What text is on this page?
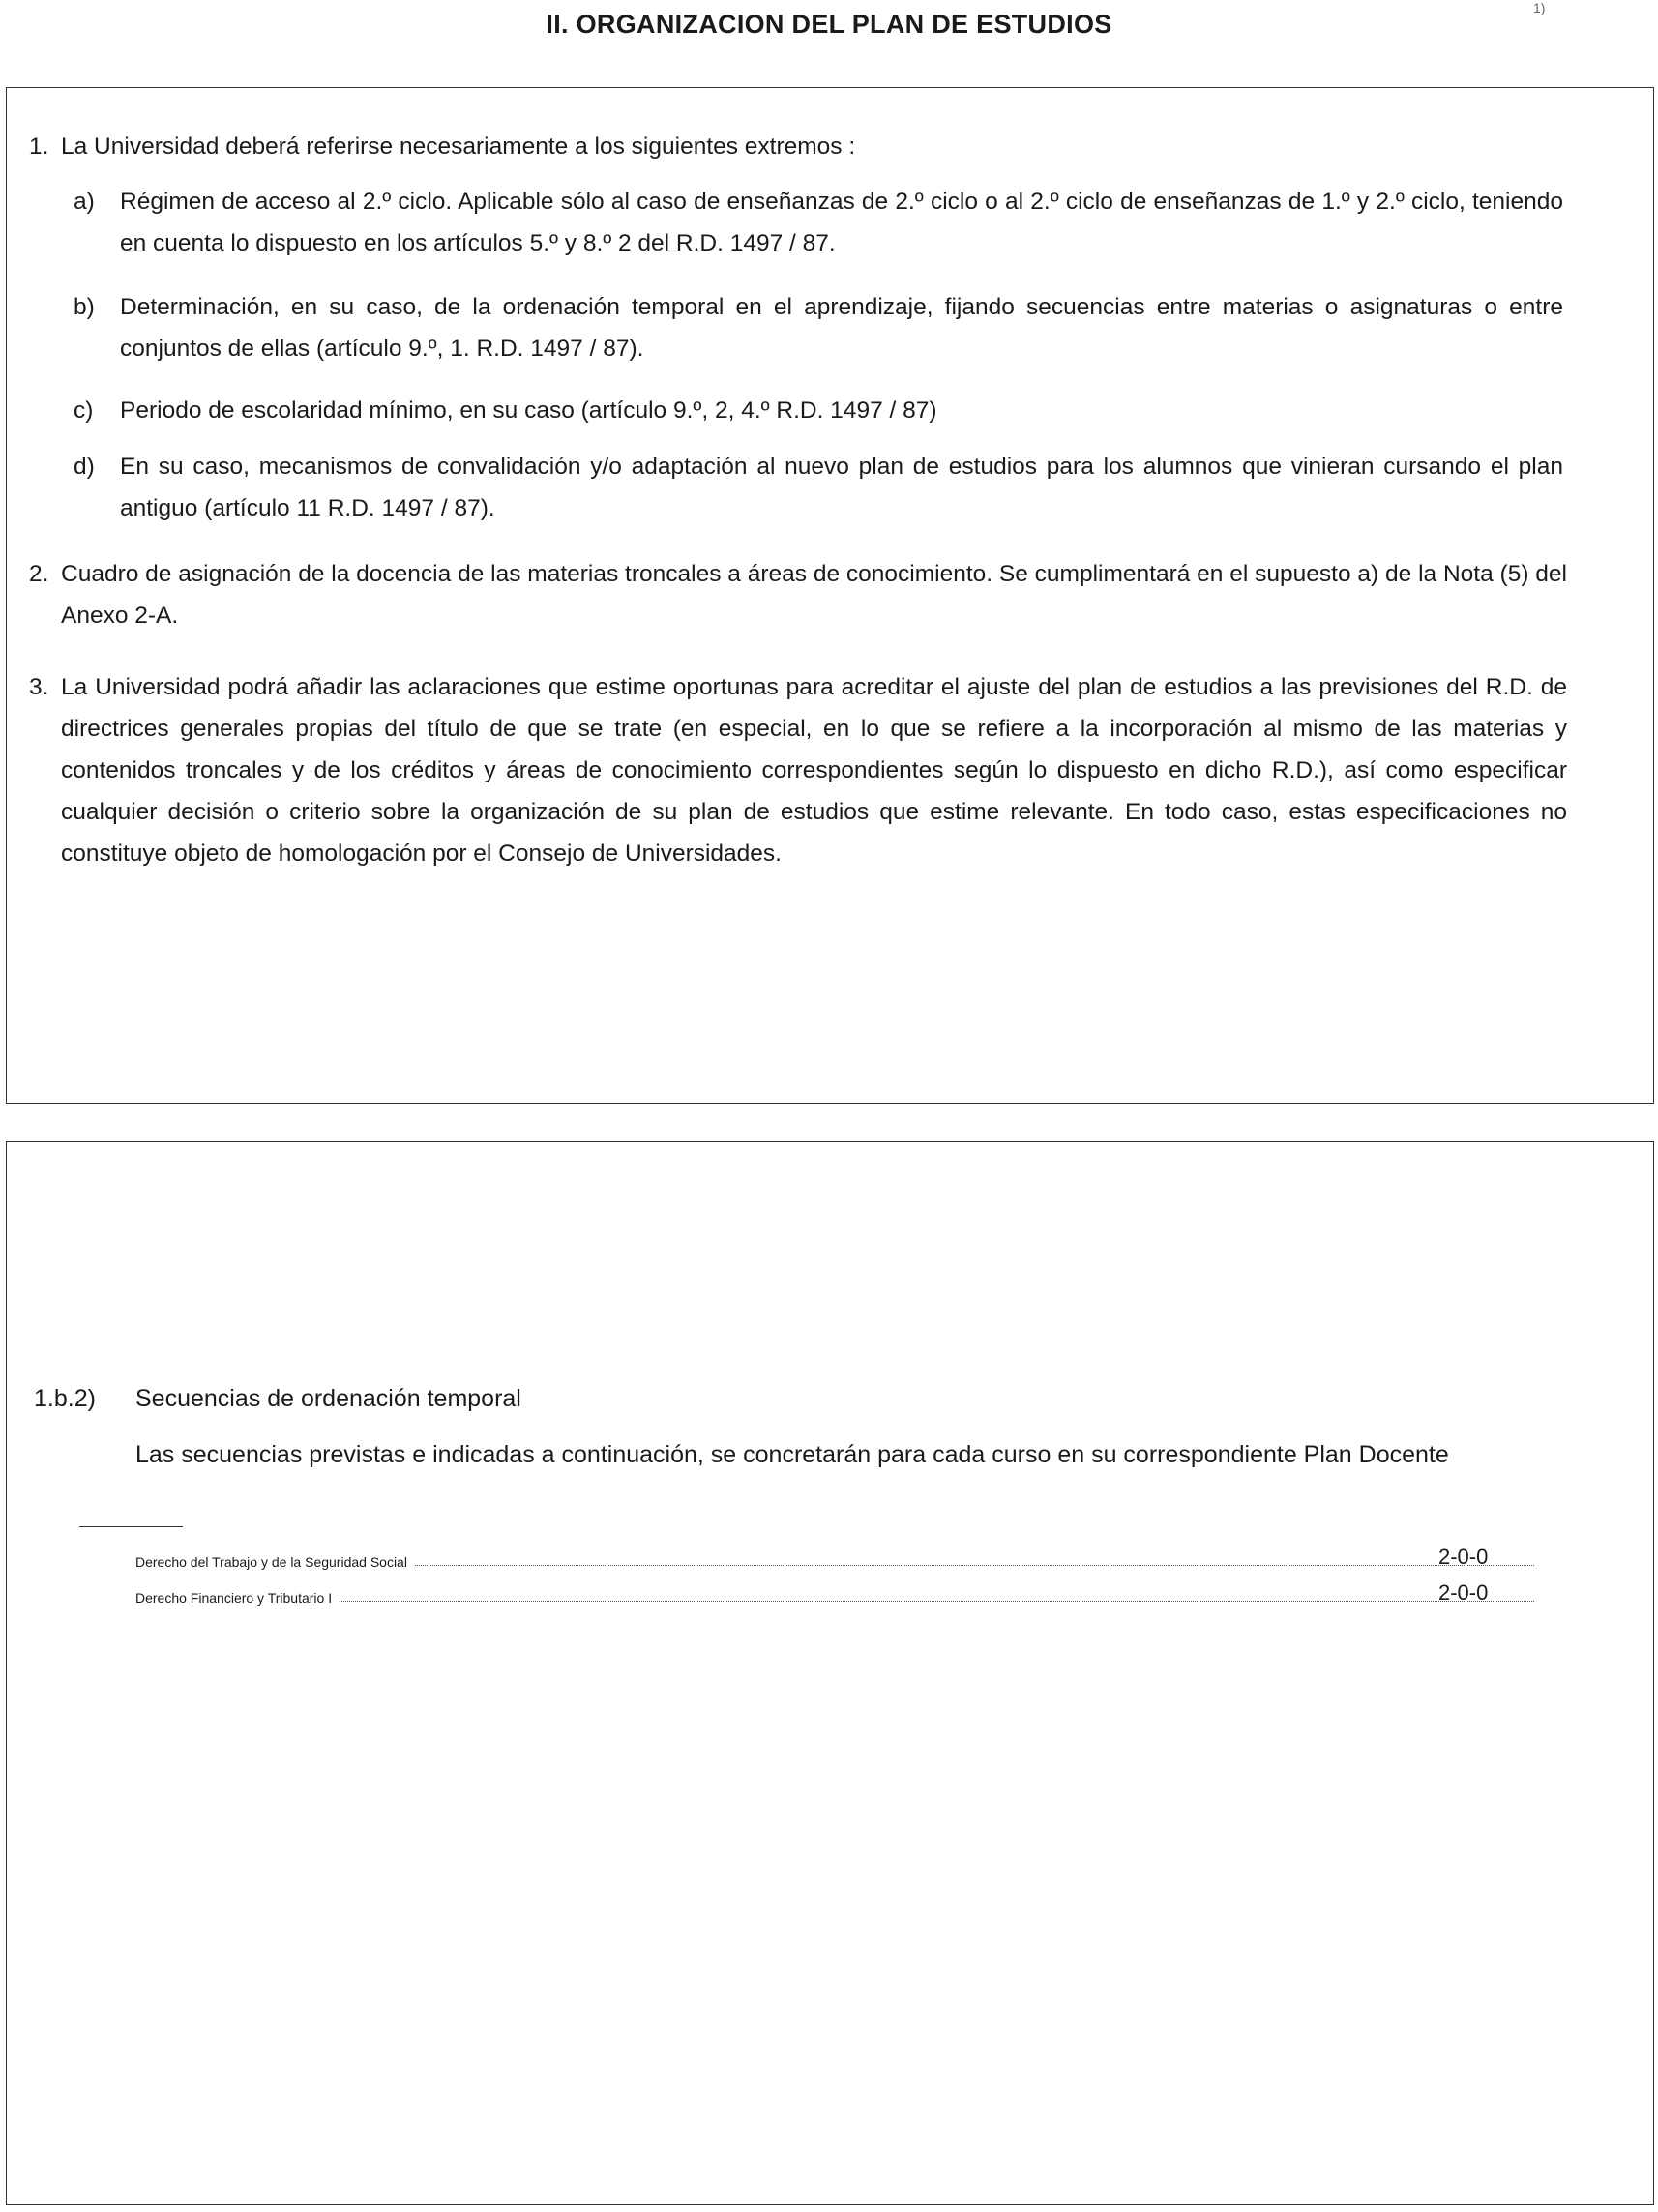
II. ORGANIZACION DEL PLAN DE ESTUDIOS
1)
1. La Universidad deberá referirse necesariamente a los siguientes extremos :
a) Régimen de acceso al 2.º ciclo. Aplicable sólo al caso de enseñanzas de 2.º ciclo o al 2.º ciclo de enseñanzas de 1.º y 2.º ciclo, teniendo en cuenta lo dispuesto en los artículos 5.º y 8.º 2 del R.D. 1497 / 87.
b) Determinación, en su caso, de la ordenación temporal en el aprendizaje, fijando secuencias entre materias o asignaturas o entre conjuntos de ellas (artículo 9.º, 1. R.D. 1497 / 87).
c) Periodo de escolaridad mínimo, en su caso (artículo 9.º, 2, 4.º R.D. 1497 / 87)
d) En su caso, mecanismos de convalidación y/o adaptación al nuevo plan de estudios para los alumnos que vinieran cursando el plan antiguo (artículo 11 R.D. 1497 / 87).
2. Cuadro de asignación de la docencia de las materias troncales a áreas de conocimiento. Se cumplimentará en el supuesto a) de la Nota (5) del Anexo 2-A.
3. La Universidad podrá añadir las aclaraciones que estime oportunas para acreditar el ajuste del plan de estudios a las previsiones del R.D. de directrices generales propias del título de que se trate (en especial, en lo que se refiere a la incorporación al mismo de las materias y contenidos troncales y de los créditos y áreas de conocimiento correspondientes según lo dispuesto en dicho R.D.), así como especificar cualquier decisión o criterio sobre la organización de su plan de estudios que estime relevante. En todo caso, estas especificaciones no constituye objeto de homologación por el Consejo de Universidades.
1.b.2) Secuencias de ordenación temporal
Las secuencias previstas e indicadas a continuación, se concretarán para cada curso en su correspondiente Plan Docente
Derecho del Trabajo y de la Seguridad Social	2-0-0
Derecho Financiero y Tributario I	2-0-0
